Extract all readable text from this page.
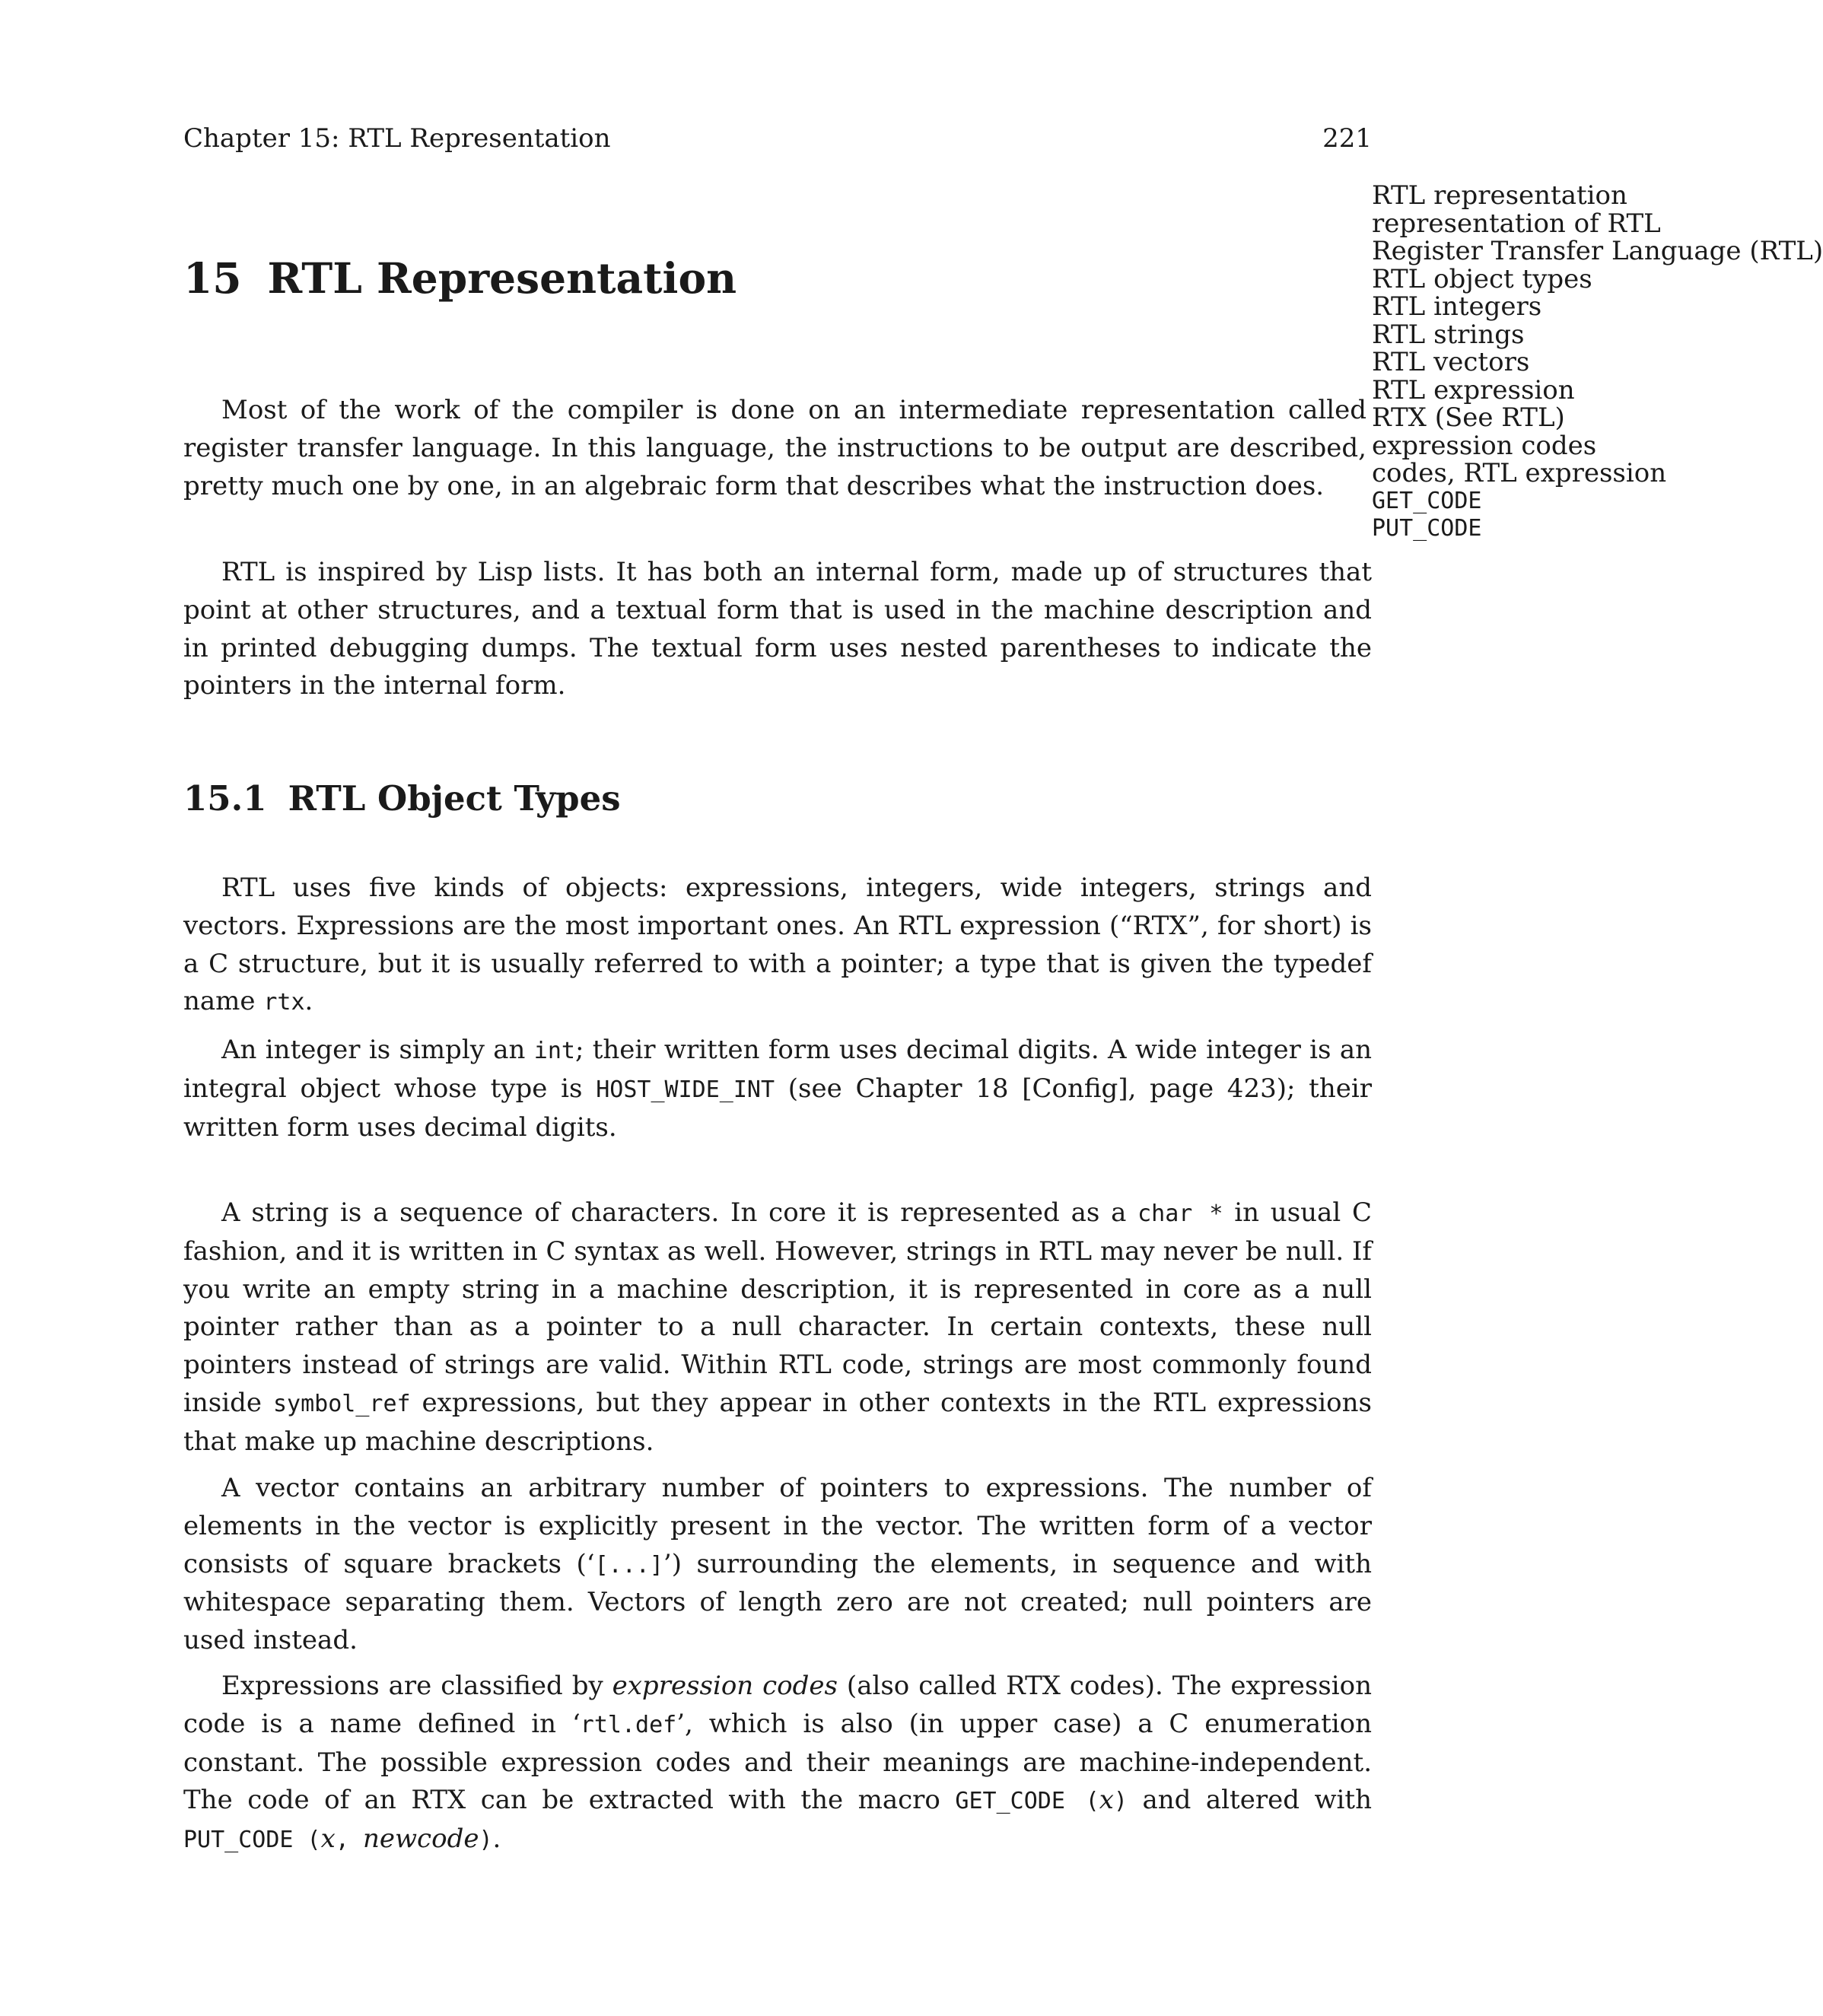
Chapter 15: RTL Representation	221
RTL representation
representation of RTL
Register Transfer Language (RTL)
RTL object types
RTL integers
RTL strings
RTL vectors
RTL expression
RTX (See RTL)
expression codes
codes, RTL expression
GET_CODE
PUT_CODE
15 RTL Representation

Most of the work of the compiler is done on an intermediate representation called register transfer language. In this language, the instructions to be output are described, pretty much one by one, in an algebraic form that describes what the instruction does.

RTL is inspired by Lisp lists. It has both an internal form, made up of structures that point at other structures, and a textual form that is used in the machine description and in printed debugging dumps. The textual form uses nested parentheses to indicate the pointers in the internal form.

15.1 RTL Object Types

RTL uses five kinds of objects: expressions, integers, wide integers, strings and vectors. Expressions are the most important ones. An RTL expression (“RTX”, for short) is a C structure, but it is usually referred to with a pointer; a type that is given the typedef name rtx.

An integer is simply an int; their written form uses decimal digits. A wide integer is an integral object whose type is HOST_WIDE_INT (see Chapter 18 [Config], page 423); their written form uses decimal digits.

A string is a sequence of characters. In core it is represented as a char * in usual C fashion, and it is written in C syntax as well. However, strings in RTL may never be null. If you write an empty string in a machine description, it is represented in core as a null pointer rather than as a pointer to a null character. In certain contexts, these null pointers instead of strings are valid. Within RTL code, strings are most commonly found inside symbol_ref expressions, but they appear in other contexts in the RTL expressions that make up machine descriptions.

A vector contains an arbitrary number of pointers to expressions. The number of elements in the vector is explicitly present in the vector. The written form of a vector consists of square brackets (‘[...]’) surrounding the elements, in sequence and with whitespace separating them. Vectors of length zero are not created; null pointers are used instead.

Expressions are classified by expression codes (also called RTX codes). The expression code is a name defined in ‘rtl.def’, which is also (in upper case) a C enumeration constant. The possible expression codes and their meanings are machine-independent. The code of an RTX can be extracted with the macro GET_CODE (x) and altered with PUT_CODE (x, newcode).
